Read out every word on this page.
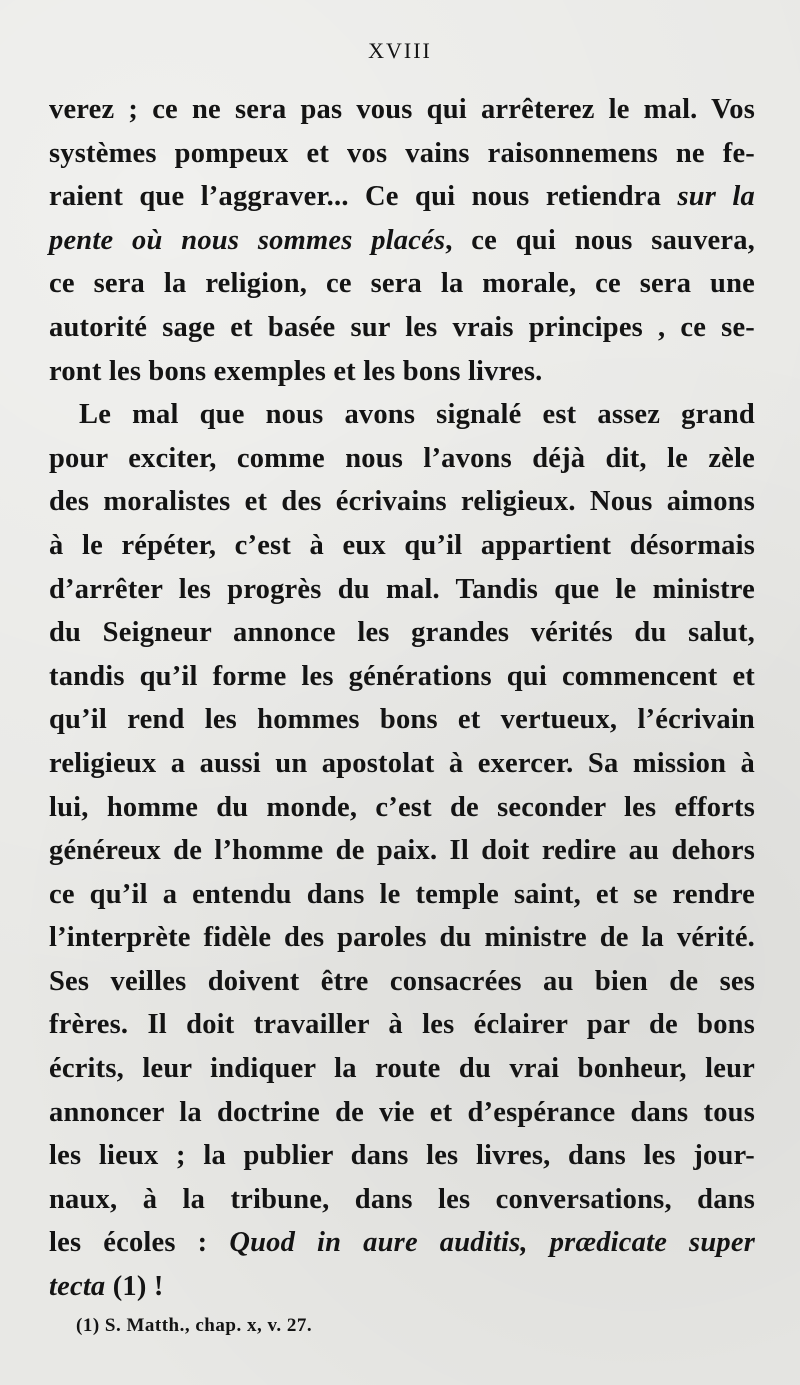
XVIII
verez ; ce ne sera pas vous qui arrêterez le mal. Vos
systèmes pompeux et vos vains raisonnemens ne fe-
raient que l’aggraver... Ce qui nous retiendra sur la
pente où nous sommes placés, ce qui nous sauvera,
ce sera la religion, ce sera la morale, ce sera une
autorité sage et basée sur les vrais principes , ce se-
ront les bons exemples et les bons livres.
Le mal que nous avons signalé est assez grand
pour exciter, comme nous l’avons déjà dit, le zèle
des moralistes et des écrivains religieux. Nous aimons
à le répéter, c’est à eux qu’il appartient désormais
d’arrêter les progrès du mal. Tandis que le ministre
du Seigneur annonce les grandes vérités du salut,
tandis qu’il forme les générations qui commencent et
qu’il rend les hommes bons et vertueux, l’écrivain
religieux a aussi un apostolat à exercer. Sa mission à
lui, homme du monde, c’est de seconder les efforts
généreux de l’homme de paix. Il doit redire au dehors
ce qu’il a entendu dans le temple saint, et se rendre
l’interprète fidèle des paroles du ministre de la vérité.
Ses veilles doivent être consacrées au bien de ses
frères. Il doit travailler à les éclairer par de bons
écrits, leur indiquer la route du vrai bonheur, leur
annoncer la doctrine de vie et d’espérance dans tous
les lieux ; la publier dans les livres, dans les jour-
naux, à la tribune, dans les conversations, dans
les écoles : Quod in aure auditis, prædicate super
tecta (1) !
(1) S. Matth., chap. x, v. 27.
